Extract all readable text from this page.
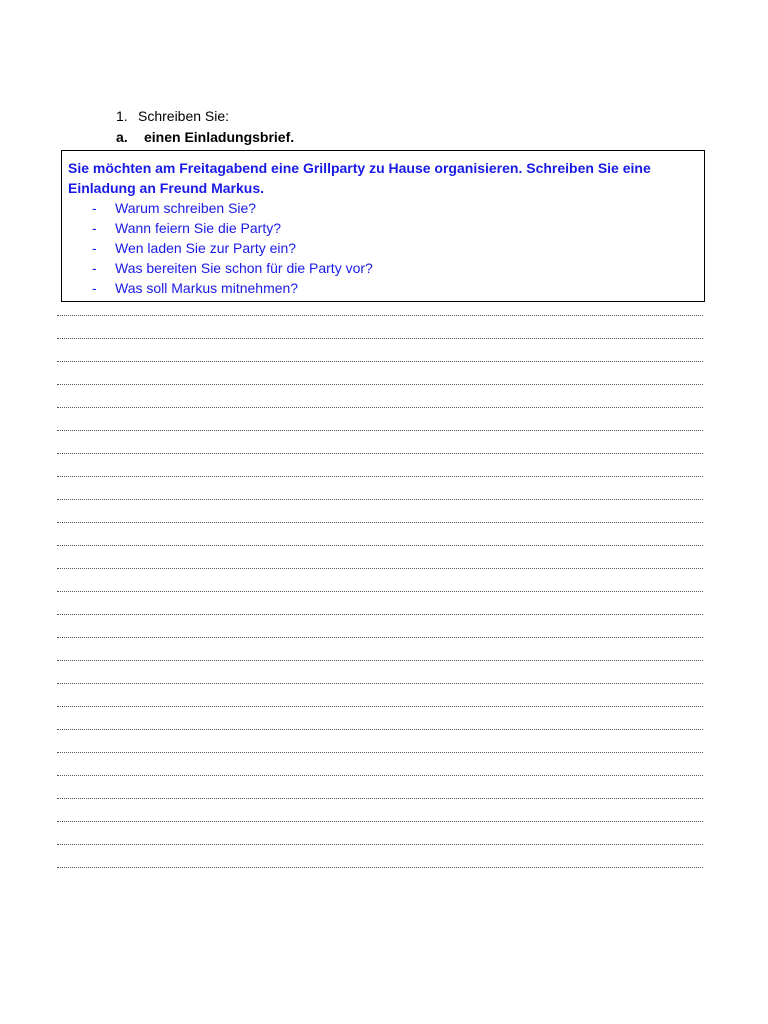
1. Schreiben Sie:

a. einen Einladungsbrief.

Sie möchten am Freitagabend eine Grillparty zu Hause organisieren. Schreiben Sie eine Einladung an Freund Markus.

- Warum schreiben Sie?
- Wann feiern Sie die Party?
- Wen laden Sie zur Party ein?
- Was bereiten Sie schon für die Party vor?
- Was soll Markus mitnehmen?
